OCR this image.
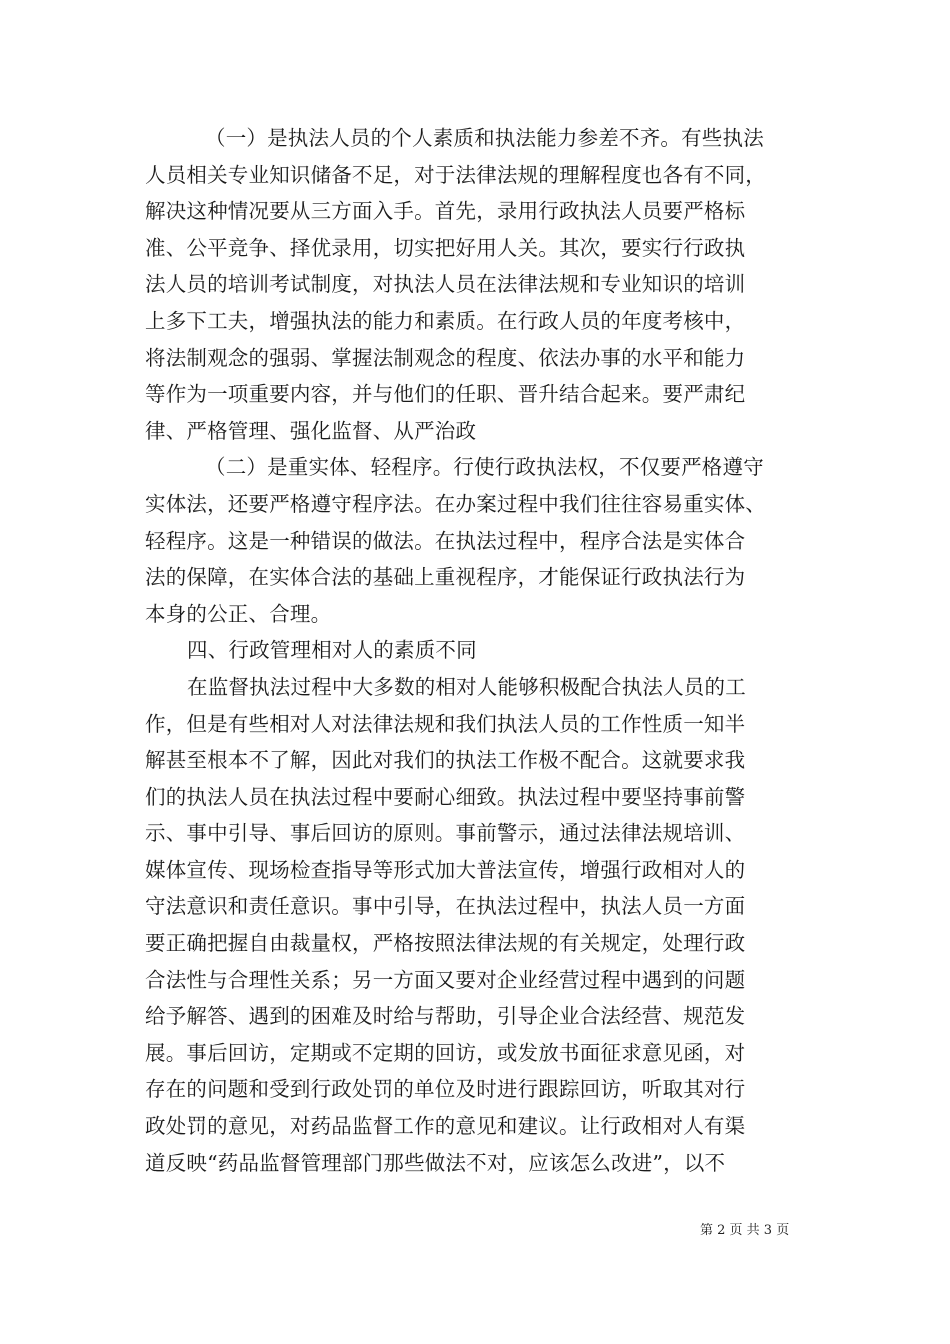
（一）是执法人员的个人素质和执法能力参差不齐。有些执法
人员相关专业知识储备不足，对于法律法规的理解程度也各有不同，
解决这种情况要从三方面入手。首先，录用行政执法人员要严格标
准、公平竞争、择优录用，切实把好用人关。其次，要实行行政执
法人员的培训考试制度，对执法人员在法律法规和专业知识的培训
上多下工夫，增强执法的能力和素质。在行政人员的年度考核中，
将法制观念的强弱、掌握法制观念的程度、依法办事的水平和能力
等作为一项重要内容，并与他们的任职、晋升结合起来。要严肃纪
律、严格管理、强化监督、从严治政
（二）是重实体、轻程序。行使行政执法权，不仅要严格遵守
实体法，还要严格遵守程序法。在办案过程中我们往往容易重实体、
轻程序。这是一种错误的做法。在执法过程中，程序合法是实体合
法的保障，在实体合法的基础上重视程序，才能保证行政执法行为
本身的公正、合理。
四、行政管理相对人的素质不同
在监督执法过程中大多数的相对人能够积极配合执法人员的工
作，但是有些相对人对法律法规和我们执法人员的工作性质一知半
解甚至根本不了解，因此对我们的执法工作极不配合。这就要求我
们的执法人员在执法过程中要耐心细致。执法过程中要坚持事前警
示、事中引导、事后回访的原则。事前警示，通过法律法规培训、
媒体宣传、现场检查指导等形式加大普法宣传，增强行政相对人的
守法意识和责任意识。事中引导，在执法过程中，执法人员一方面
要正确把握自由裁量权，严格按照法律法规的有关规定，处理行政
合法性与合理性关系；另一方面又要对企业经营过程中遇到的问题
给予解答、遇到的困难及时给与帮助，引导企业合法经营、规范发
展。事后回访，定期或不定期的回访，或发放书面征求意见函，对
存在的问题和受到行政处罚的单位及时进行跟踪回访，听取其对行
政处罚的意见，对药品监督工作的意见和建议。让行政相对人有渠
道反映“药品监督管理部门那些做法不对，应该怎么改进”，以不
第 2 页 共 3 页
